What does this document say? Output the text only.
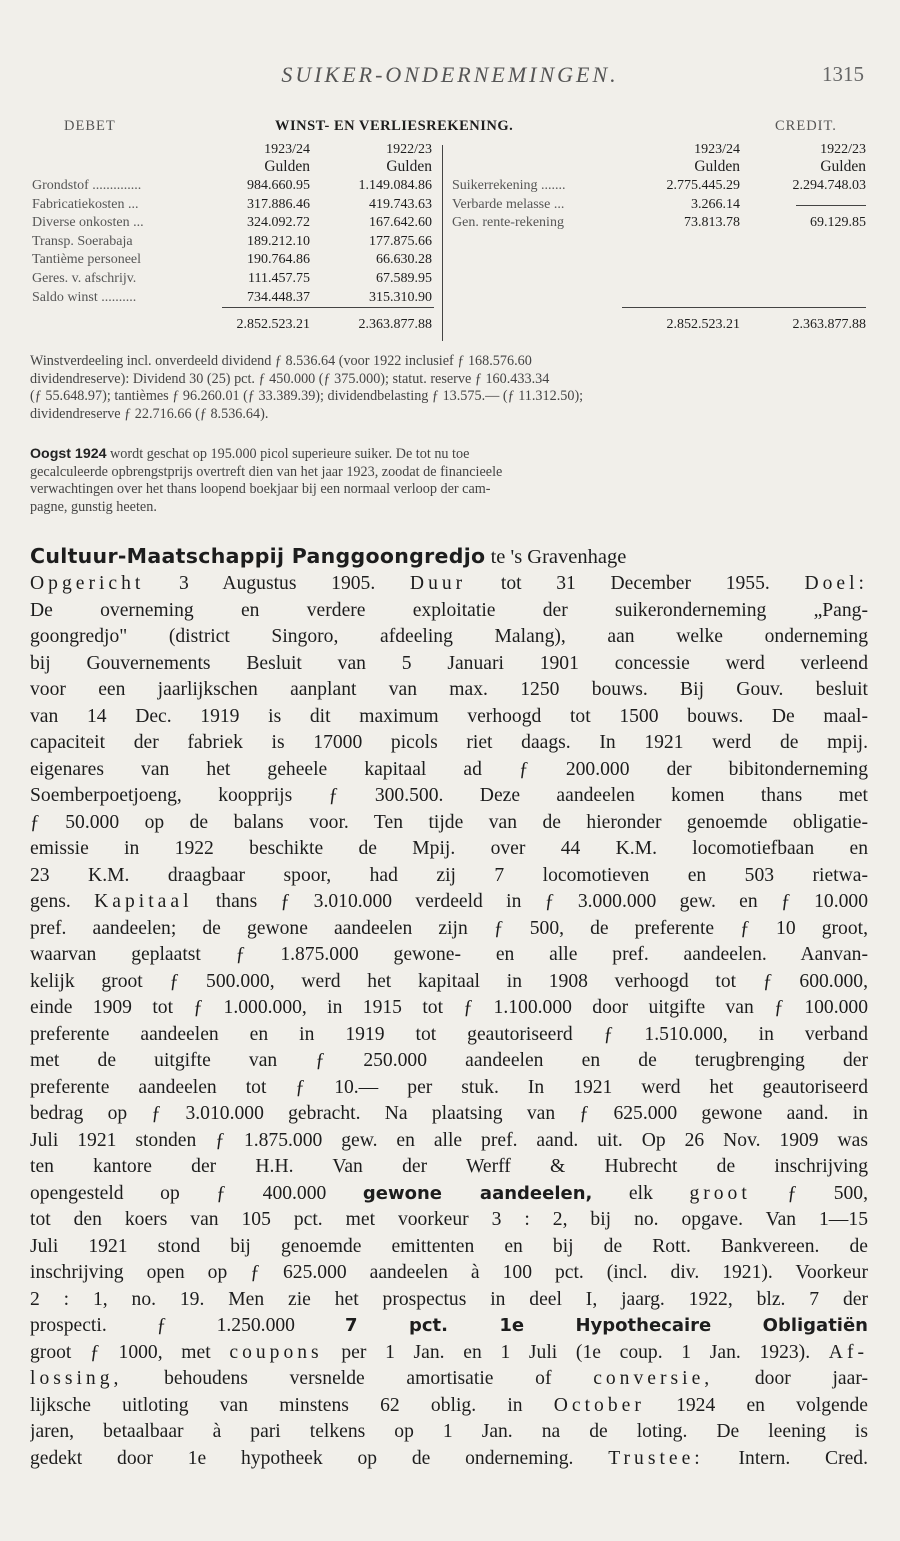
SUIKER-ONDERNEMINGEN.	1315
DEBET	WINST- EN VERLIESREKENING.	CREDIT.
1923/24	1922/23	1923/24	1922/23
Gulden	Gulden	Gulden	Gulden
Grondstof ..............	984.660.95	1.149.084.86
Fabricatiekosten ...	317.886.46	419.743.63
Diverse onkosten ...	324.092.72	167.642.60
Transp. Soerabaja	189.212.10	177.875.66
Tantième personeel	190.764.86	66.630.28
Geres. v. afschrijv.	111.457.75	67.589.95
Saldo winst ..........	734.448.37	315.310.90
Suikerrekening .......	2.775.445.29	2.294.748.03
Verbarde melasse ...	3.266.14
Gen. rente-rekening	73.813.78	69.129.85
2.852.523.21	2.363.877.88	2.852.523.21	2.363.877.88
Winstverdeeling incl. onverdeeld dividend ƒ 8.536.64 (voor 1922 inclusief ƒ 168.576.60
dividendreserve): Dividend 30 (25) pct. ƒ 450.000 (ƒ 375.000); statut. reserve ƒ 160.433.34
(ƒ 55.648.97); tantièmes ƒ 96.260.01 (ƒ 33.389.39); dividendbelasting ƒ 13.575.— (ƒ 11.312.50);
dividendreserve ƒ 22.716.66 (ƒ 8.536.64).
Oogst 1924 wordt geschat op 195.000 picol superieure suiker. De tot nu toe
gecalculeerde opbrengstprijs overtreft dien van het jaar 1923, zoodat de financieele
verwachtingen over het thans loopend boekjaar bij een normaal verloop der cam-
pagne, gunstig heeten.
Cultuur-Maatschappij Panggoongredjo te 's Gravenhage
Opgericht 3 Augustus 1905. Duur tot 31 December 1955. Doel:
De overneming en verdere exploitatie der suikeronderneming „Pang-
goongredjo" (district Singoro, afdeeling Malang), aan welke onderneming
bij Gouvernements Besluit van 5 Januari 1901 concessie werd verleend
voor een jaarlijkschen aanplant van max. 1250 bouws. Bij Gouv. besluit
van 14 Dec. 1919 is dit maximum verhoogd tot 1500 bouws. De maal-
capaciteit der fabriek is 17000 picols riet daags. In 1921 werd de mpij.
eigenares van het geheele kapitaal ad ƒ 200.000 der bibitonderneming
Soemberpoetjoeng, koopprijs ƒ 300.500. Deze aandeelen komen thans met
ƒ 50.000 op de balans voor. Ten tijde van de hieronder genoemde obligatie-
emissie in 1922 beschikte de Mpij. over 44 K.M. locomotiefbaan en
23 K.M. draagbaar spoor, had zij 7 locomotieven en 503 rietwa-
gens. Kapitaal thans ƒ 3.010.000 verdeeld in ƒ 3.000.000 gew. en ƒ 10.000
pref. aandeelen; de gewone aandeelen zijn ƒ 500, de preferente ƒ 10 groot,
waarvan geplaatst ƒ 1.875.000 gewone- en alle pref. aandeelen. Aanvan-
kelijk groot ƒ 500.000, werd het kapitaal in 1908 verhoogd tot ƒ 600.000,
einde 1909 tot ƒ 1.000.000, in 1915 tot ƒ 1.100.000 door uitgifte van ƒ 100.000
preferente aandeelen en in 1919 tot geautoriseerd ƒ 1.510.000, in verband
met de uitgifte van ƒ 250.000 aandeelen en de terugbrenging der
preferente aandeelen tot ƒ 10.— per stuk. In 1921 werd het geautoriseerd
bedrag op ƒ 3.010.000 gebracht. Na plaatsing van ƒ 625.000 gewone aand. in
Juli 1921 stonden ƒ 1.875.000 gew. en alle pref. aand. uit. Op 26 Nov. 1909 was
ten kantore der H.H. Van der Werff & Hubrecht de inschrijving
opengesteld op ƒ 400.000 gewone aandeelen, elk groot ƒ 500,
tot den koers van 105 pct. met voorkeur 3 : 2, bij no. opgave. Van 1—15
Juli 1921 stond bij genoemde emittenten en bij de Rott. Bankvereen. de
inschrijving open op ƒ 625.000 aandeelen à 100 pct. (incl. div. 1921). Voorkeur
2 : 1, no. 19. Men zie het prospectus in deel I, jaarg. 1922, blz. 7 der
prospecti. ƒ 1.250.000 7 pct. 1e Hypothecaire Obligatiën
groot ƒ 1000, met coupons per 1 Jan. en 1 Juli (1e coup. 1 Jan. 1923). Af-
lossing, behoudens versnelde amortisatie of conversie, door jaar-
lijksche uitloting van minstens 62 oblig. in October 1924 en volgende
jaren, betaalbaar à pari telkens op 1 Jan. na de loting. De leening is
gedekt door 1e hypotheek op de onderneming. Trustee: Intern. Cred.
